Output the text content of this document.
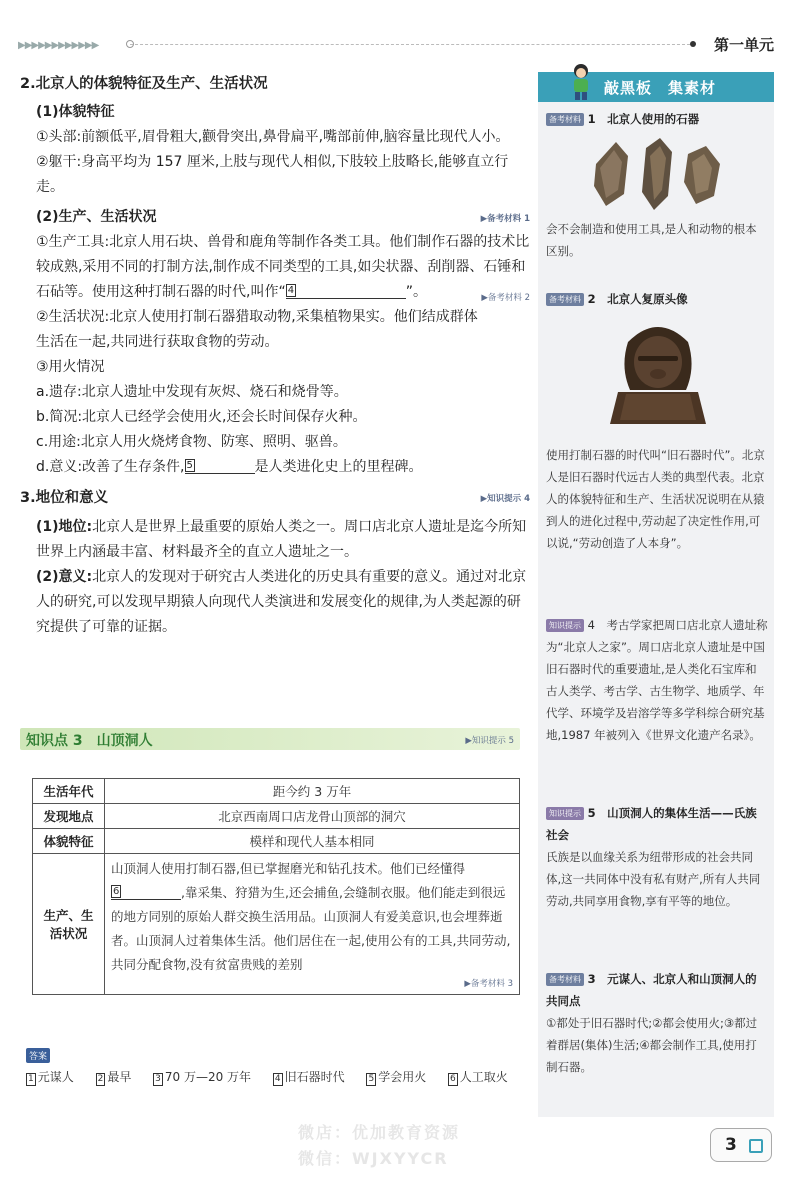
▶▶▶▶▶▶▶▶▶▶▶▶	第一单元
2.北京人的体貌特征及生产、生活状况
(1)体貌特征
①头部:前额低平,眉骨粗大,颧骨突出,鼻骨扁平,嘴部前伸,脑容量比现代人小。
②躯干:身高平均为 157 厘米,上肢与现代人相似,下肢较上肢略长,能够直立行走。
(2)生产、生活状况	▶备考材料 1
①生产工具:北京人用石块、兽骨和鹿角等制作各类工具。他们制作石器的技术比较成熟,采用不同的打制方法,制作成不同类型的工具,如尖状器、刮削器、石锤和石砧等。使用这种打制石器的时代,叫作“ 4	”。	▶备考材料 2
②生活状况:北京人使用打制石器猎取动物,采集植物果实。他们结成群体生活在一起,共同进行获取食物的劳动。
③用火情况
a.遗存:北京人遗址中发现有灰烬、烧石和烧骨等。
b.简况:北京人已经学会使用火,还会长时间保存火种。
c.用途:北京人用火烧烤食物、防寒、照明、驱兽。
d.意义:改善了生存条件, 5	是人类进化史上的里程碑。
3.地位和意义	▶知识提示 4
(1)地位:北京人是世界上最重要的原始人类之一。周口店北京人遗址是迄今所知世界上内涵最丰富、材料最齐全的直立人遗址之一。
(2)意义:北京人的发现对于研究古人类进化的历史具有重要的意义。通过对北京人的研究,可以发现早期猿人向现代人类演进和发展变化的规律,为人类起源的研究提供了可靠的证据。
知识点 3　山顶洞人	▶知识提示 5
生活年代	距今约 3 万年
发现地点	北京西南周口店龙骨山顶部的洞穴
体貌特征	模样和现代人基本相同
生产、生活状况	山顶洞人使用打制石器,但已掌握磨光和钻孔技术。他们已经懂得
6 ,靠采集、狩猎为生,还会捕鱼,会缝制衣服。他们能走到很远的地方同别的原始人群交换生活用品。山顶洞人有爱美意识,也会埋葬逝者。山顶洞人过着集体生活。他们居住在一起,使用公有的工具,共同劳动,共同分配食物,没有贫富贵贱的差别
▶备考材料 3
答案
1 元谋人	2 最早	3 70 万—20 万年	4 旧石器时代	5 学会用火	6 人工取火
敲黑板　集素材
备考材料 1　北京人使用的石器
会不会制造和使用工具,是人和动物的根本区别。
备考材料 2　北京人复原头像
使用打制石器的时代叫“旧石器时代”。北京人是旧石器时代远古人类的典型代表。北京人的体貌特征和生产、生活状况说明在从猿到人的进化过程中,劳动起了决定性作用,可以说,“劳动创造了人本身”。
知识提示 4　考古学家把周口店北京人遗址称为“北京人之家”。周口店北京人遗址是中国旧石器时代的重要遗址,是人类化石宝库和古人类学、考古学、古生物学、地质学、年代学、环境学及岩溶学等多学科综合研究基地,1987 年被列入《世界文化遗产名录》。
知识提示 5　山顶洞人的集体生活——氏族社会
氏族是以血缘关系为纽带形成的社会共同体,这一共同体中没有私有财产,所有人共同劳动,共同享用食物,享有平等的地位。
备考材料 3　元谋人、北京人和山顶洞人的共同点
①都处于旧石器时代;②都会使用火;③都过着群居(集体)生活;④都会制作工具,使用打制石器。
微店：优加教育资源
微信：WJXYYCR
3
